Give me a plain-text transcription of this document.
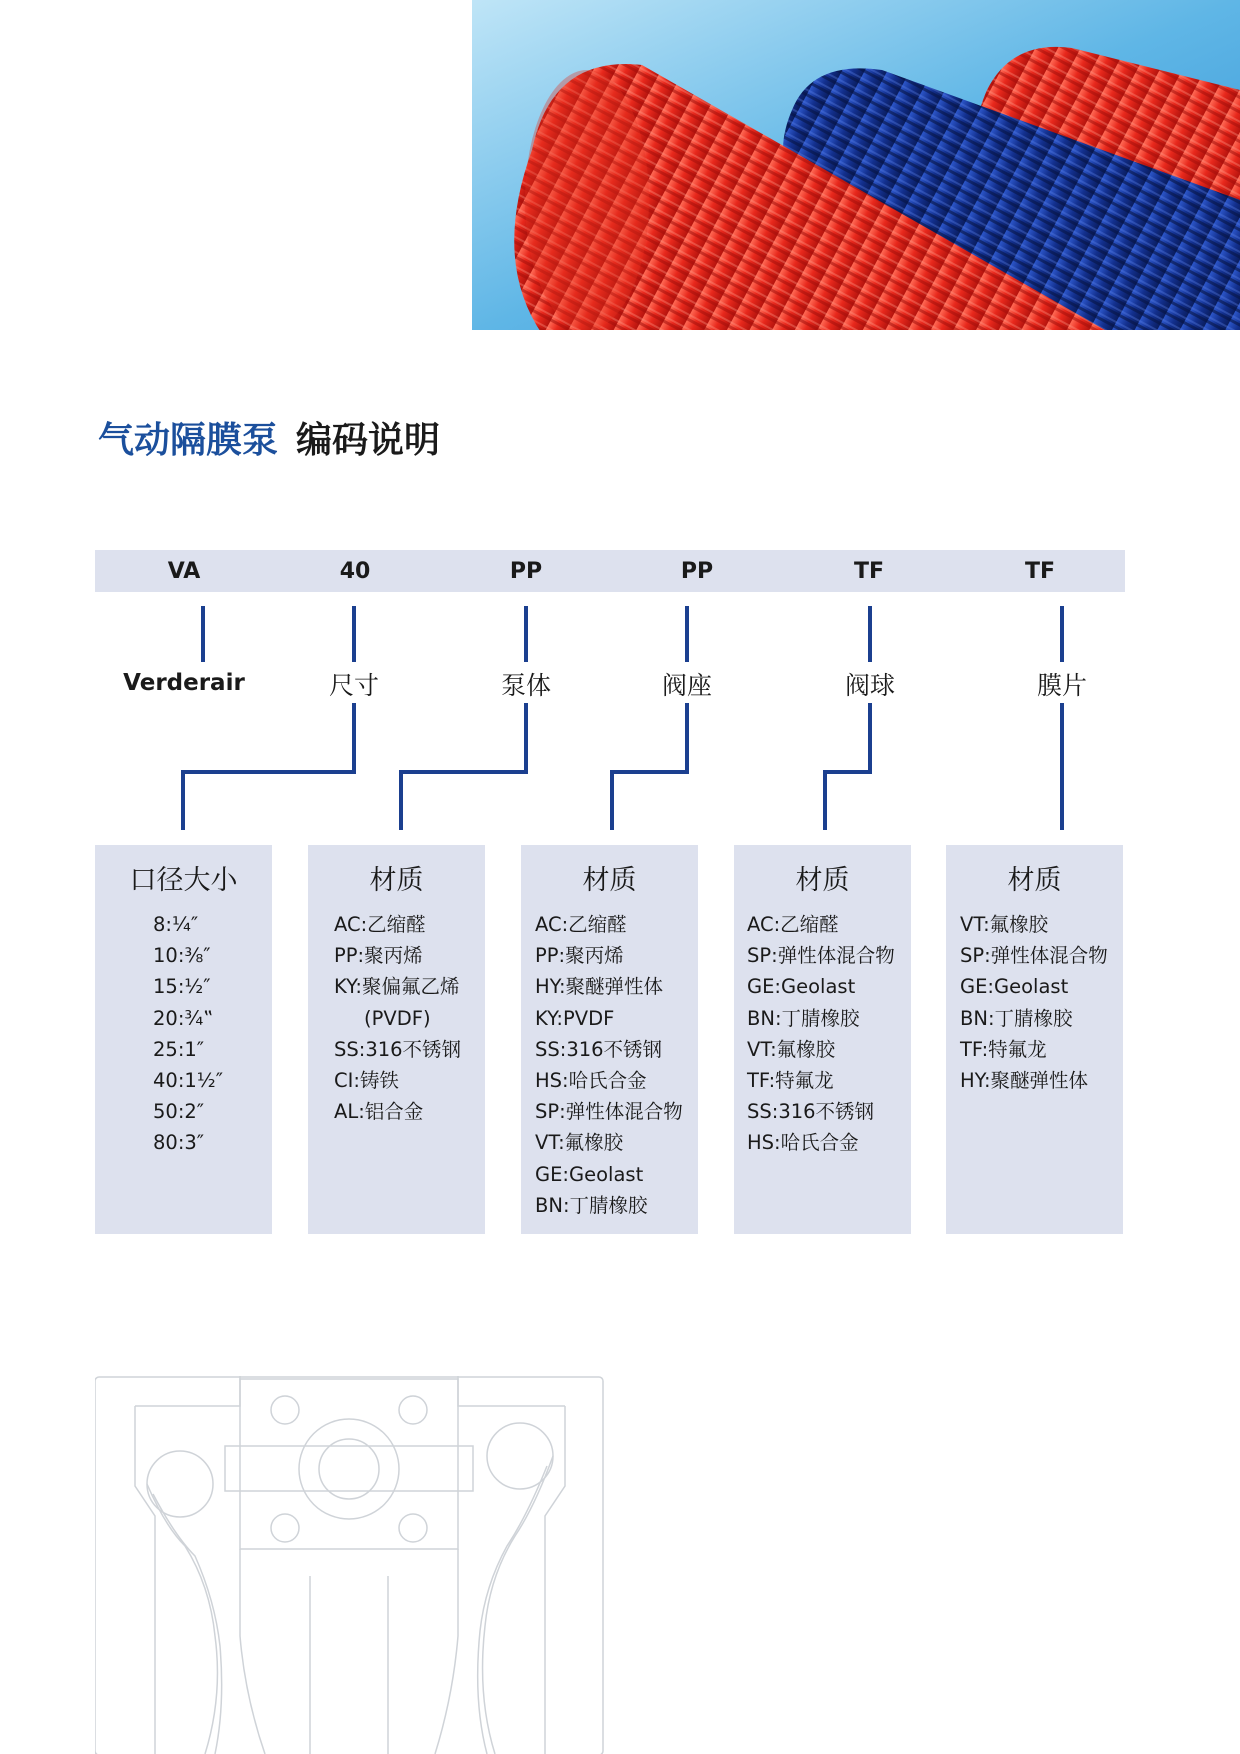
气动隔膜泵 编码说明
VA	40	PP	PP	TF	TF
Verderair	尺寸	泵体	阀座	阀球	膜片
口径大小
8:¼″
10:⅜″
15:½″
20:¾‟
25:1″
40:1½″
50:2″
80:3″
材质
AC:乙缩醛
PP:聚丙烯
KY:聚偏氟乙烯
(PVDF)
SS:316不锈钢
CI:铸铁
AL:铝合金
材质
AC:乙缩醛
PP:聚丙烯
HY:聚醚弹性体
KY:PVDF
SS:316不锈钢
HS:哈氏合金
SP:弹性体混合物
VT:氟橡胶
GE:Geolast
BN:丁腈橡胶
材质
AC:乙缩醛
SP:弹性体混合物
GE:Geolast
BN:丁腈橡胶
VT:氟橡胶
TF:特氟龙
SS:316不锈钢
HS:哈氏合金
材质
VT:氟橡胶
SP:弹性体混合物
GE:Geolast
BN:丁腈橡胶
TF:特氟龙
HY:聚醚弹性体
